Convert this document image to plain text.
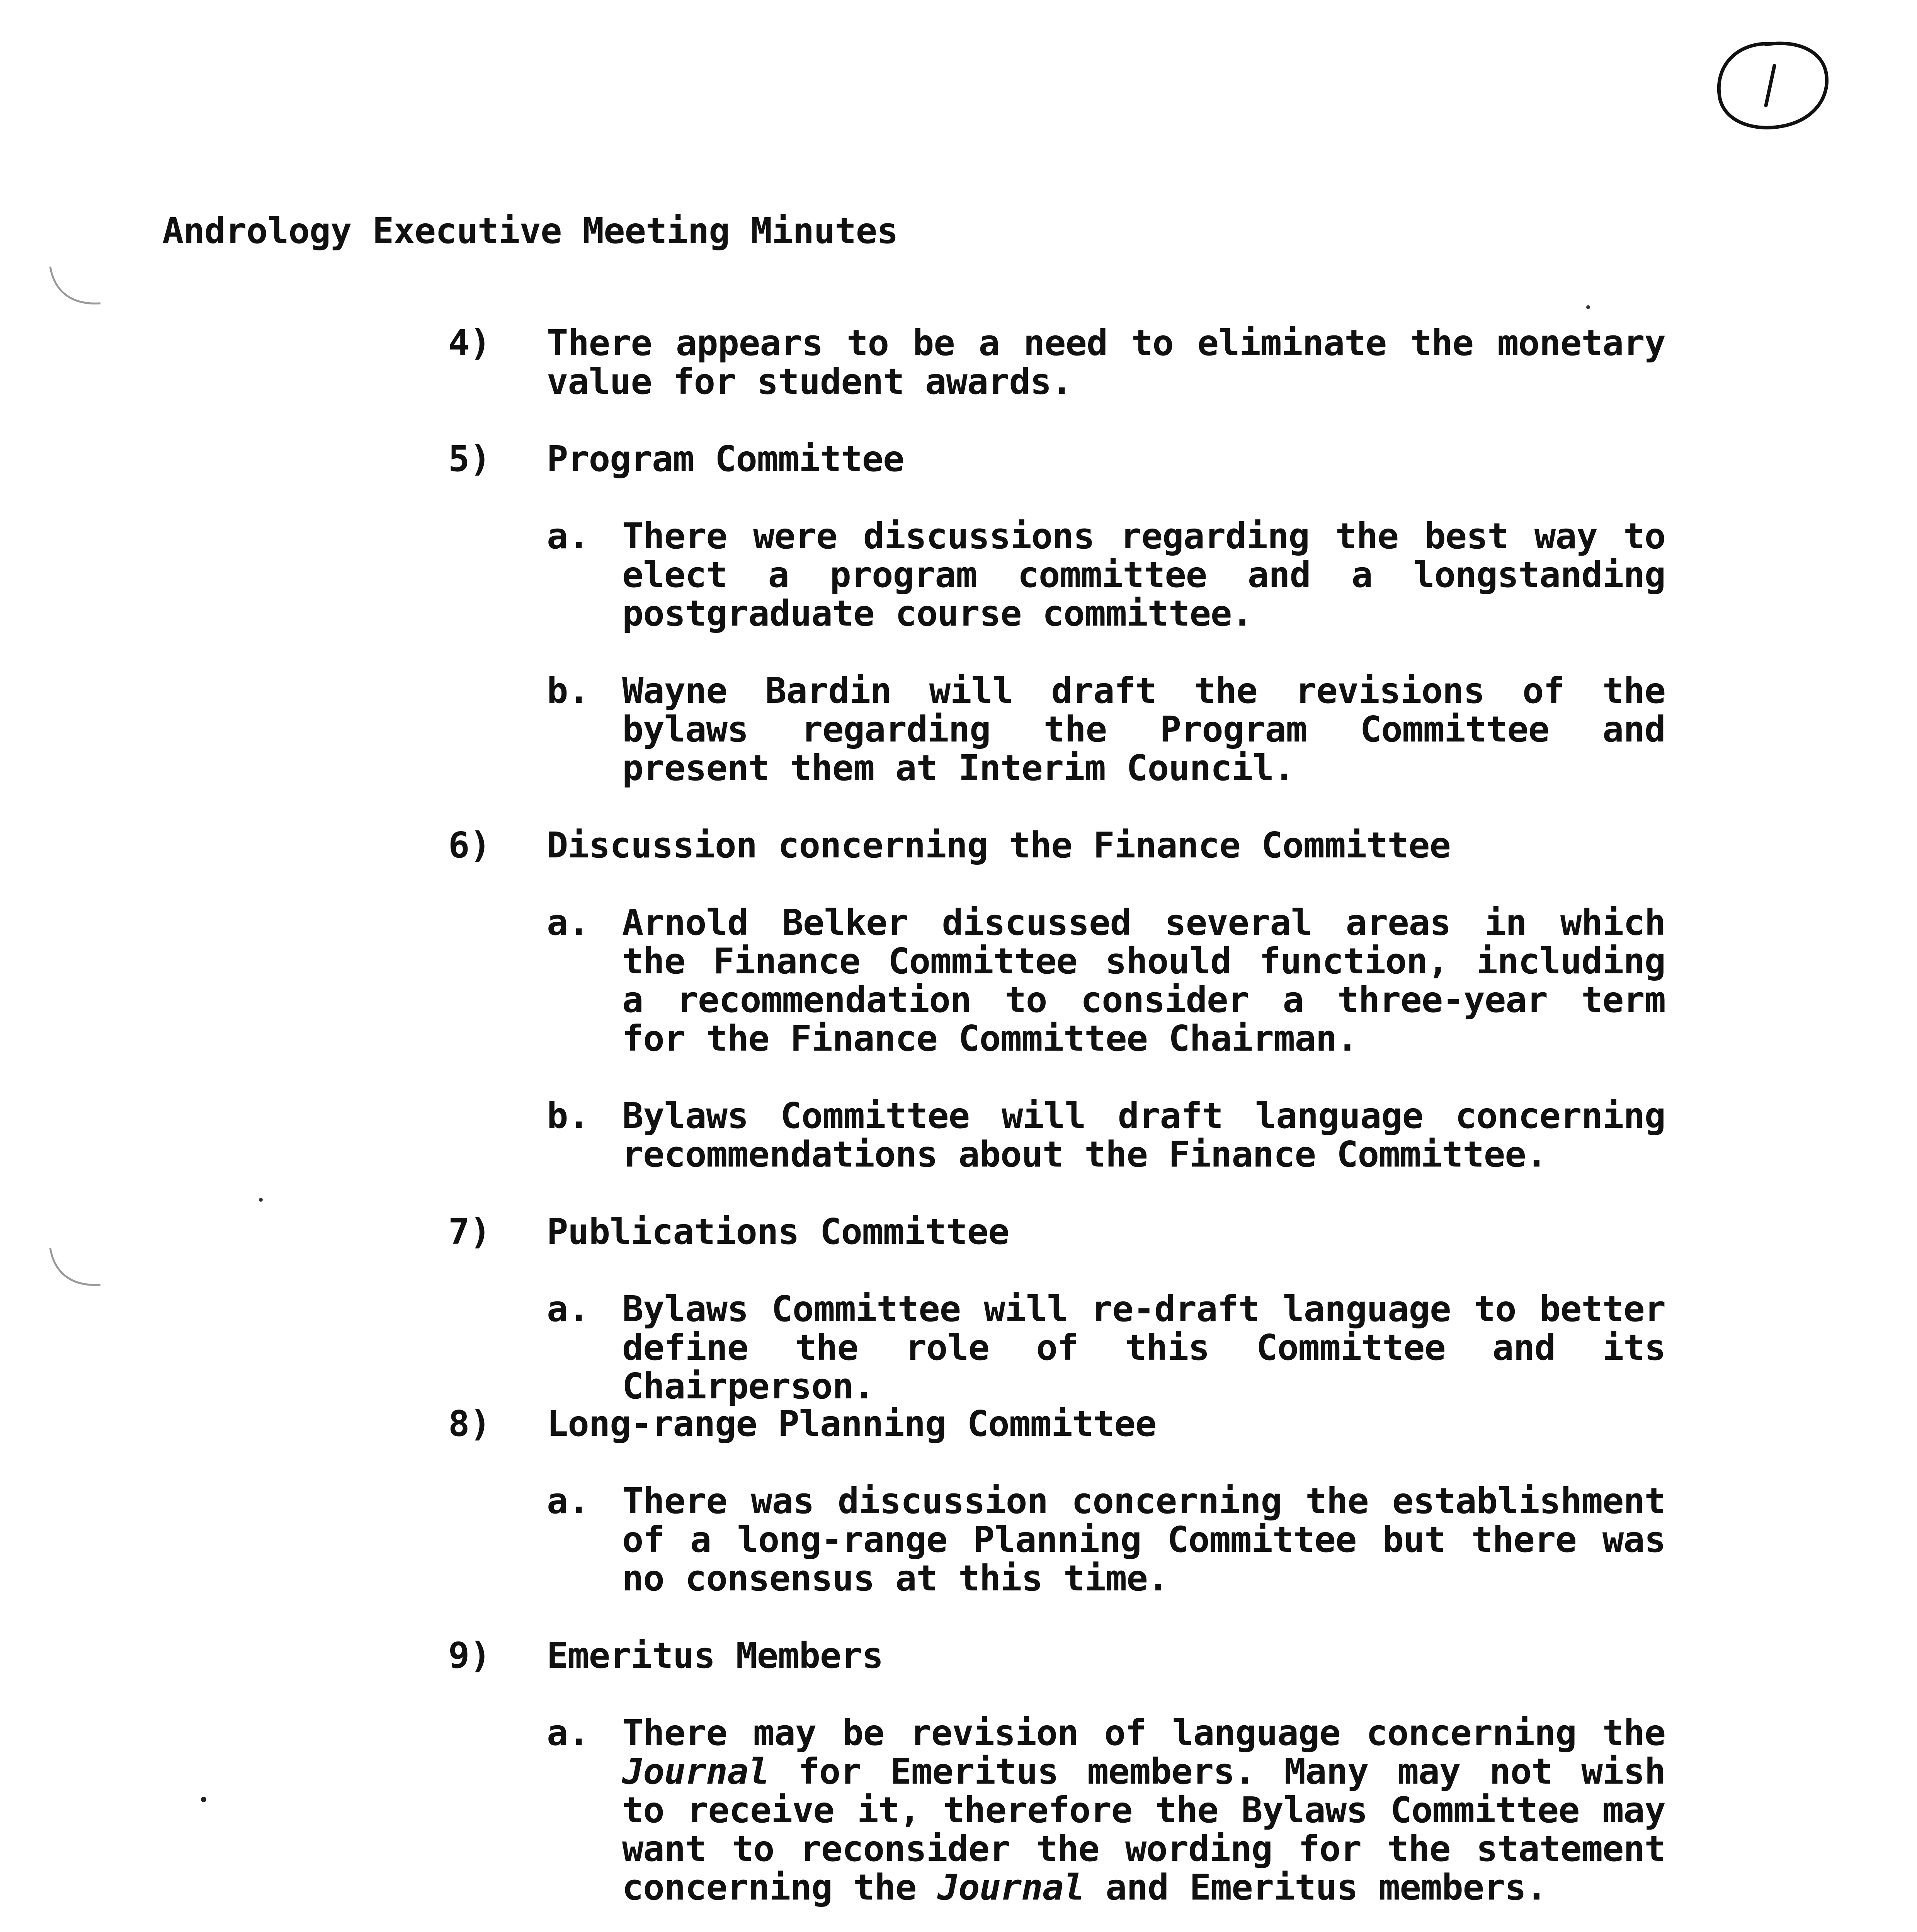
Andrology Executive Meeting Minutes
4) There appears to be a need to eliminate the monetary value for student awards.
5) Program Committee
a. There were discussions regarding the best way to elect a program committee and a longstanding postgraduate course committee.
b. Wayne Bardin will draft the revisions of the bylaws regarding the Program Committee and present them at Interim Council.
6) Discussion concerning the Finance Committee
a. Arnold Belker discussed several areas in which the Finance Committee should function, including a recommendation to consider a three-year term for the Finance Committee Chairman.
b. Bylaws Committee will draft language concerning recommendations about the Finance Committee.
7) Publications Committee
a. Bylaws Committee will re-draft language to better define the role of this Committee and its Chairperson.
8) Long-range Planning Committee
a. There was discussion concerning the establishment of a long-range Planning Committee but there was no consensus at this time.
9) Emeritus Members
a. There may be revision of language concerning the Journal for Emeritus members. Many may not wish to receive it, therefore the Bylaws Committee may want to reconsider the wording for the statement concerning the Journal and Emeritus members.
